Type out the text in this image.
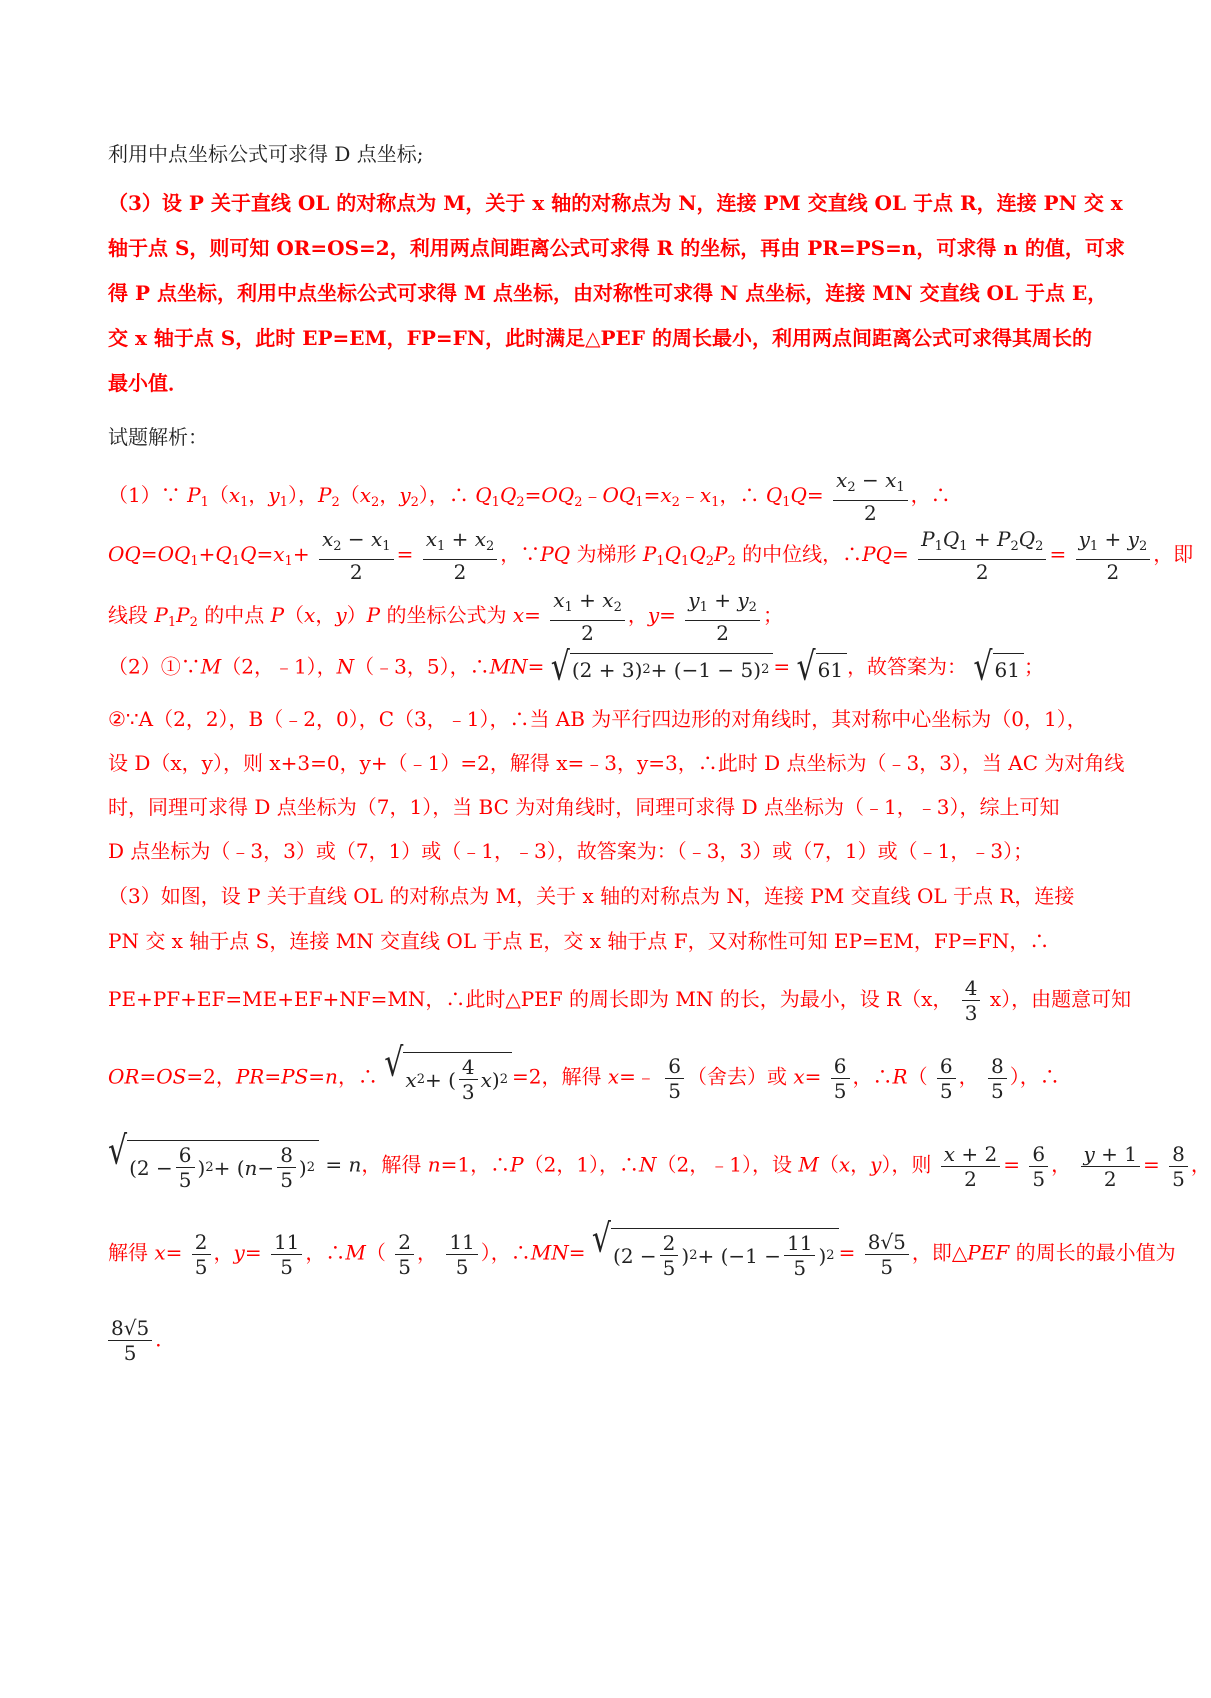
利用中点坐标公式可求得 D 点坐标;
（3）设 P 关于直线 OL 的对称点为 M，关于 x 轴的对称点为 N，连接 PM 交直线 OL 于点 R，连接 PN 交 x
轴于点 S，则可知 OR=OS=2，利用两点间距离公式可求得 R 的坐标，再由 PR=PS=n，可求得 n 的值，可求
得 P 点坐标，利用中点坐标公式可求得 M 点坐标，由对称性可求得 N 点坐标，连接 MN 交直线 OL 于点 E，
交 x 轴于点 S，此时 EP=EM，FP=FN，此时满足△PEF 的周长最小，利用两点间距离公式可求得其周长的
最小值．
试题解析：
（1）∵ $P_1(x_1$，$y_1$），$P_2(x_2$，$y_2$），∴ $Q_1Q_2=OQ_2﹣OQ_1=x_2﹣x_1$，∴ $Q_1Q= \frac{x_2 - x_1}{2}$ ，∴
$OQ=OQ_1+Q_1Q=x_1+ \frac{x_2 - x_1}{2} = \frac{x_1 + x_2}{2}$ ，∵PQ 为梯形 $P_1Q_1Q_2P_2$ 的中位线，∴PQ= $\frac{P_1Q_1 + P_2Q_2}{2} = \frac{y_1 + y_2}{2}$ ，即
线段 $P_1P_2$ 的中点 P（x，y）P 的坐标公式为 $x= \frac{x_1 + x_2}{2}$ ，$y= \frac{y_1 + y_2}{2}$ ；
（2）①∵M（2，﹣1），N（﹣3，5），∴MN= √ (2 + 3) 2 + (−1 − 5) 2 = √ 61 ，故答案为： √ 61 ；
②∵A（2，2），B（﹣2，0），C（3，﹣1），∴当 AB 为平行四边形的对角线时，其对称中心坐标为（0，1），
设 D（x，y），则 x+3=0，y+（﹣1）=2，解得 x=﹣3，y=3，∴此时 D 点坐标为（﹣3，3），当 AC 为对角线
时，同理可求得 D 点坐标为（7，1），当 BC 为对角线时，同理可求得 D 点坐标为（﹣1，﹣3），综上可知
D 点坐标为（﹣3，3）或（7，1）或（﹣1，﹣3），故答案为：（﹣3，3）或（7，1）或（﹣1，﹣3）；
（3）如图，设 P 关于直线 OL 的对称点为 M，关于 x 轴的对称点为 N，连接 PM 交直线 OL 于点 R，连接
PN 交 x 轴于点 S，连接 MN 交直线 OL 于点 E，交 x 轴于点 F，又对称性可知 EP=EM，FP=FN，∴
PE+PF+EF=ME+EF+NF=MN，∴此时△PEF 的周长即为 MN 的长，为最小，设 R（x， $\frac{4}{3} x$），由题意可知
OR=OS=2，PR=PS=n，∴ √ x 2 + ( $\frac{4}{3}$ x ) 2 =2，解得 x=﹣ $\frac{6}{5}$ （舍去）或 $x= \frac{6}{5}$ ，∴R（ $\frac{6}{5}$ ， $\frac{8}{5}$ ），∴
√ ($2 - \frac{6}{5}$ ) 2 + ( $n - \frac{8}{5}$ ) 2 = n，解得 n=1，∴P（2，1），∴N（2，﹣1），设 M（x，y），则 $\frac{x + 2}{2} = \frac{6}{5}$ ， $\frac{y + 1}{2} = \frac{8}{5}$ ，
解得 $x= \frac{2}{5}$ ，$y= \frac{11}{5}$ ，∴M（ $\frac{2}{5}$ ， $\frac{11}{5}$ ），∴MN= √ ($2 - \frac{2}{5}$ ) $2 + (-1 - \frac{11}{5}$ ) $2 = \frac{8√5}{5}$ ，即△PEF 的周长的最小值为
$\frac{8√5}{5}$ ．
